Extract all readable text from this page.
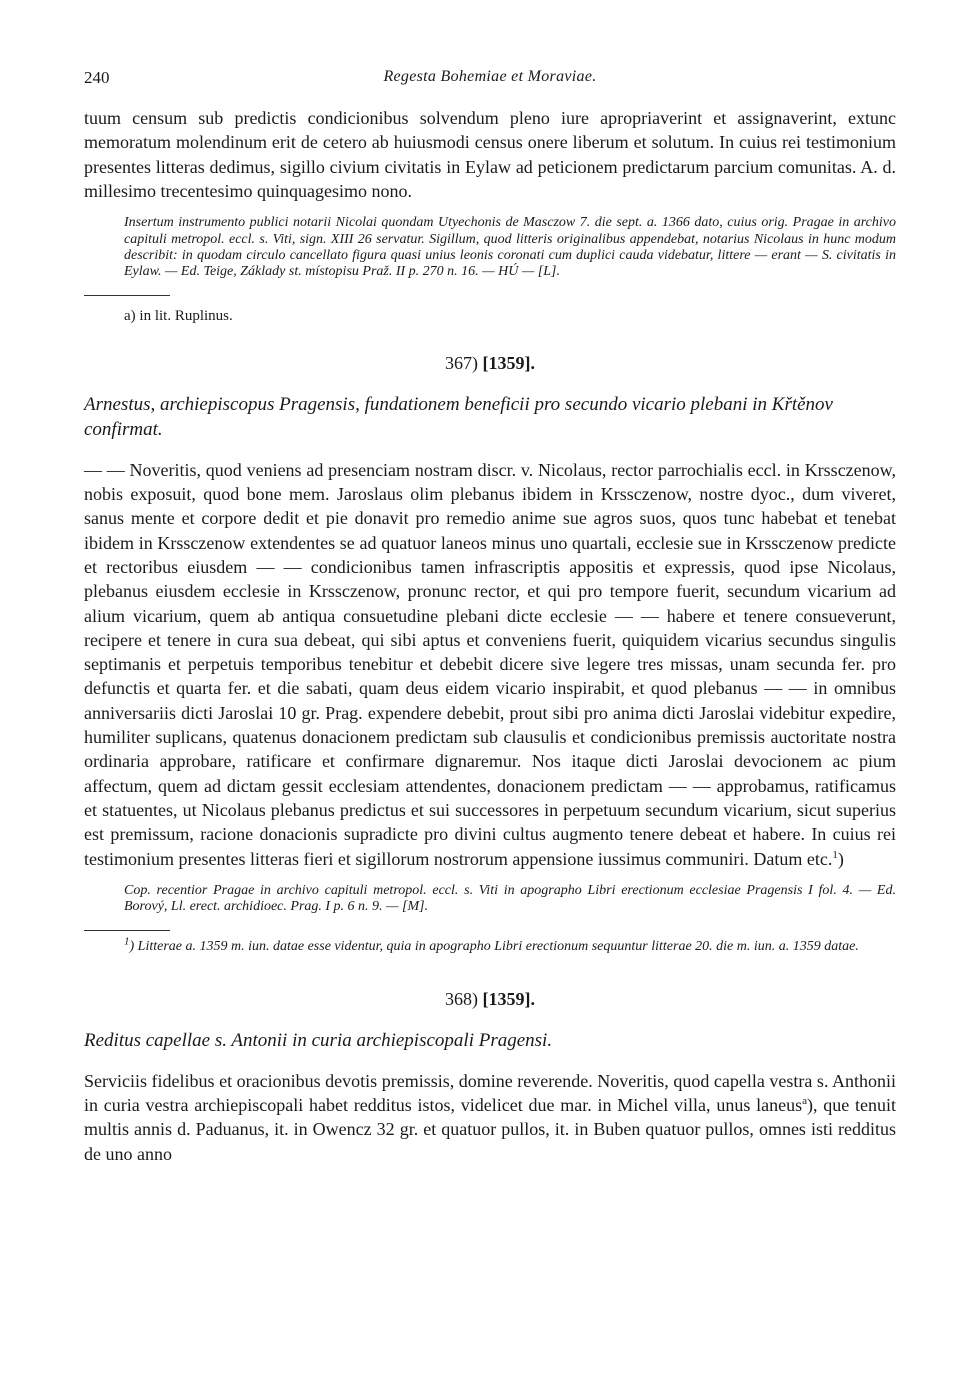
240	Regesta Bohemiae et Moraviae.

tuum censum sub predictis condicionibus solvendum pleno iure apropriaverint et assignaverint, extunc memoratum molendinum erit de cetero ab huiusmodi census onere liberum et solutum. In cuius rei testimonium presentes litteras dedimus, sigillo civium civitatis in Eylaw ad peticionem predictarum parcium comunitas. A. d. millesimo trecentesimo quinquagesimo nono.

Insertum instrumento publici notarii Nicolai quondam Utyechonis de Masczow 7. die sept. a. 1366 dato, cuius orig. Pragae in archivo capituli metropol. eccl. s. Viti, sign. XIII 26 servatur. Sigillum, quod litteris originalibus appendebat, notarius Nicolaus in hunc modum describit: in quodam circulo cancellato figura quasi unius leonis coronati cum duplici cauda videbatur, littere — erant — S. civitatis in Eylaw. — Ed. Teige, Základy st. místopisu Praž. II p. 270 n. 16. — HÚ — [L].

a) in lit. Ruplinus.

367) [1359].

Arnestus, archiepiscopus Pragensis, fundationem beneficii pro secundo vicario plebani in Křtěnov confirmat.

— — Noveritis, quod veniens ad presenciam nostram discr. v. Nicolaus, rector parrochialis eccl. in Krssczenow, nobis exposuit, quod bone mem. Jaroslaus olim plebanus ibidem in Krssczenow, nostre dyoc., dum viveret, sanus mente et corpore dedit et pie donavit pro remedio anime sue agros suos, quos tunc habebat et tenebat ibidem in Krssczenow extendentes se ad quatuor laneos minus uno quartali, ecclesie sue in Krssczenow predicte et rectoribus eiusdem — — condicionibus tamen infrascriptis appositis et expressis, quod ipse Nicolaus, plebanus eiusdem ecclesie in Krssczenow, pronunc rector, et qui pro tempore fuerit, secundum vicarium ad alium vicarium, quem ab antiqua consuetudine plebani dicte ecclesie — — habere et tenere consueverunt, recipere et tenere in cura sua debeat, qui sibi aptus et conveniens fuerit, quiquidem vicarius secundus singulis septimanis et perpetuis temporibus tenebitur et debebit dicere sive legere tres missas, unam secunda fer. pro defunctis et quarta fer. et die sabati, quam deus eidem vicario inspirabit, et quod plebanus — — in omnibus anniversariis dicti Jaroslai 10 gr. Prag. expendere debebit, prout sibi pro anima dicti Jaroslai videbitur expedire, humiliter suplicans, quatenus donacionem predictam sub clausulis et condicionibus premissis auctoritate nostra ordinaria approbare, ratificare et confirmare dignaremur. Nos itaque dicti Jaroslai devocionem ac pium affectum, quem ad dictam gessit ecclesiam attendentes, donacionem predictam — — approbamus, ratificamus et statuentes, ut Nicolaus plebanus predictus et sui successores in perpetuum secundum vicarium, sicut superius est premissum, racione donacionis supradicte pro divini cultus augmento tenere debeat et habere. In cuius rei testimonium presentes litteras fieri et sigillorum nostrorum appensione iussimus communiri. Datum etc.$^1$)

Cop. recentior Pragae in archivo capituli metropol. eccl. s. Viti in apographo Libri erectionum ecclesiae Pragensis I fol. 4. — Ed. Borový, Ll. erect. archidioec. Prag. I p. 6 n. 9. — [M].

$^1$) Litterae a. 1359 m. iun. datae esse videntur, quia in apographo Libri erectionum sequuntur litterae 20. die m. iun. a. 1359 datae.

368) [1359].

Reditus capellae s. Antonii in curia archiepiscopali Pragensi.

Serviciis fidelibus et oracionibus devotis premissis, domine reverende. Noveritis, quod capella vestra s. Anthonii in curia vestra archiepiscopali habet redditus istos, videlicet due mar. in Michel villa, unus laneus$^a$), que tenuit multis annis d. Paduanus, it. in Owencz 32 gr. et quatuor pullos, it. in Buben quatuor pullos, omnes isti redditus de uno anno
